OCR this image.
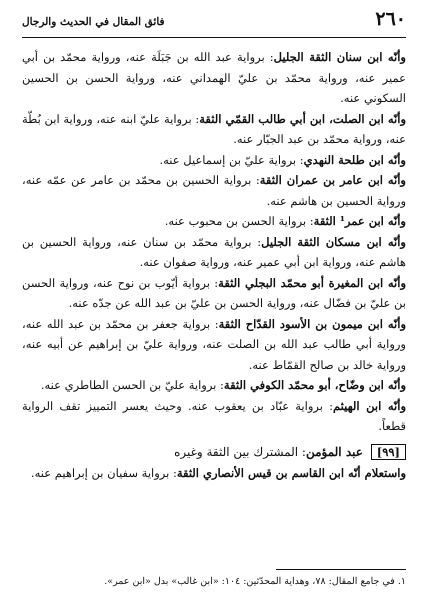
٢٦٠
فائق المقال في الحديث والرجال

وأنّه ابن سنان الثقة الجليل: برواية عبد الله بن جَبَلَة عنه، ورواية محمّد بن أبي عمير عنه، ورواية محمّد بن عليّ الهمداني عنه، ورواية الحسن بن الحسين السكوني عنه.

وأنّه ابن الصلت، ابن أبي طالب القمّي الثقة: برواية عليّ ابنه عنه، ورواية ابن بُطّة عنه، ورواية محمّد بن عبد الجبّار عنه.

وأنّه ابن طلحة النهدي: برواية عليّ بن إسماعيل عنه.

وأنّه ابن عامر بن عمران الثقة: برواية الحسين بن محمّد بن عامر عن عمّه عنه، ورواية الحسين بن هاشم عنه.

وأنّه ابن عمر¹ الثقة: برواية الحسن بن محبوب عنه.

وأنّه ابن مسكان الثقة الجليل: برواية محمّد بن سنان عنه، ورواية الحسين بن هاشم عنه، ورواية ابن أبي عمير عنه، ورواية صفوان عنه.

وأنّه ابن المغيرة أبو محمّد البجلي الثقة: برواية أيّوب بن نوح عنه، ورواية الحسن بن عليّ بن فضّال عنه، ورواية الحسن بن عليّ بن عبد الله عن جدّه عنه.

وأنّه ابن ميمون بن الأسود القدّاح الثقة: برواية جعفر بن محمّد بن عبد الله عنه، ورواية أبي طالب عبد الله بن الصلت عنه، ورواية عليّ بن إبراهيم عن أبيه عنه، ورواية خالد بن صالح القمّاط عنه.

وأنّه ابن وضّاح، أبو محمّد الكوفي الثقة: برواية عليّ بن الحسن الطاطري عنه.

وأنّه ابن الهيثم: برواية عبّاد بن يعقوب عنه. وحيث يعسر التمييز تقف الرواية قطعاً.

[٩٩] عبد المؤمن: المشترك بين الثقة وغيره

واستعلام أنّه ابن القاسم بن قيس الأنصاري الثقة: برواية سفيان بن إبراهيم عنه.

١. في جامع المقال: ٧٨، وهداية المحدّثين: ١٠٤: «ابن غالب» بدل «ابن عمر».
